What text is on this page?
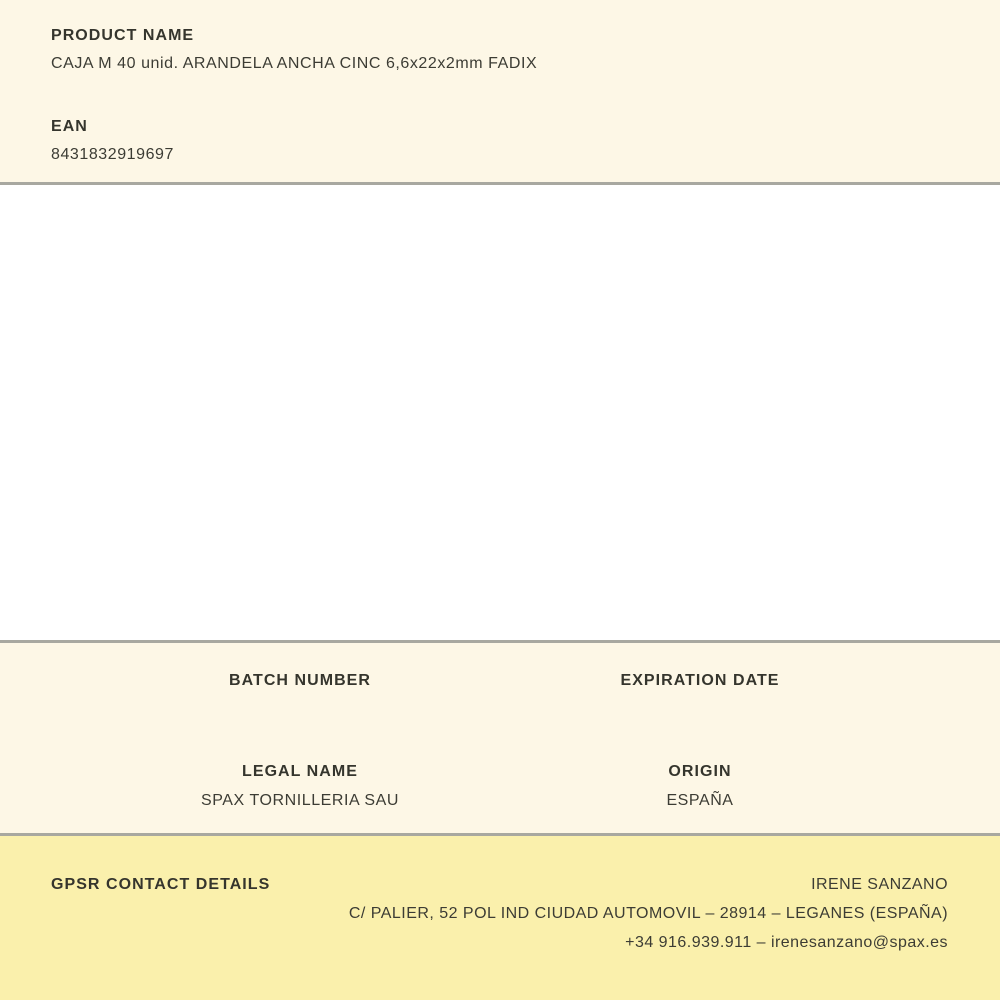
PRODUCT NAME
CAJA M 40 unid. ARANDELA ANCHA CINC 6,6x22x2mm FADIX
EAN
8431832919697
BATCH NUMBER	EXPIRATION DATE
LEGAL NAME
SPAX TORNILLERIA SAU
ORIGIN
ESPAÑA
GPSR CONTACT DETAILS	IRENE SANZANO
C/ PALIER, 52 POL IND CIUDAD AUTOMOVIL – 28914 – LEGANES (ESPAÑA)
+34 916.939.911 – irenesanzano@spax.es
